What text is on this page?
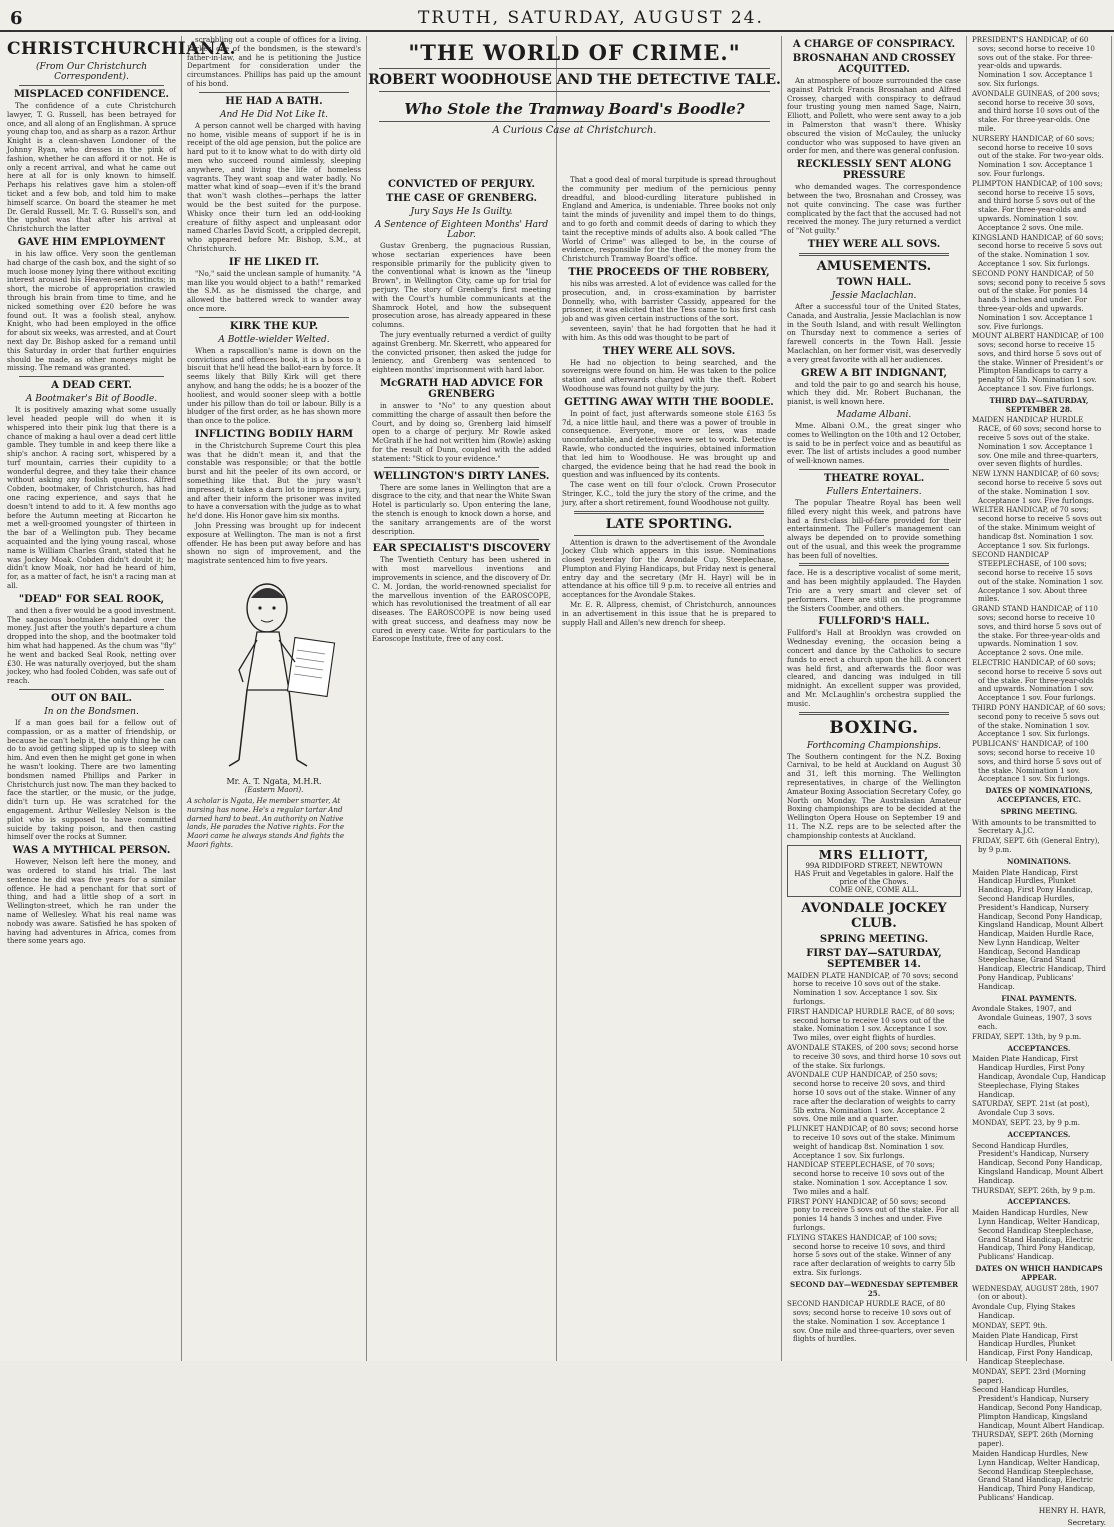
6	TRUTH, SATURDAY, AUGUST 24.
CHRISTCHURCHIANA.
(From Our Christchurch Correspondent).
MISPLACED CONFIDENCE.

The confidence of a cute Christchurch lawyer, T. G. Russell, has been betrayed for once, and all along of an Englishman. A spruce young chap too, and as sharp as a razor. Arthur Knight is a clean-shaven Londoner of the Johnny Ryan, who dresses in the pink of fashion, whether he can afford it or not. He is only a recent arrival, and what he came out here at all for is only known to himself. Perhaps his relatives gave him a stolen-off ticket and a few bob, and told him to make himself scarce. On board the steamer he met Dr. Gerald Russell, Mr. T. G. Russell's son, and the upshot was that after his arrival at Christchurch the latter

GAVE HIM EMPLOYMENT

in his law office. Very soon the gentleman had charge of the cash box, and the sight of so much loose money lying there without exciting interest aroused his Heaven-sent instincts; in short, the microbe of appropriation crawled through his brain from time to time, and he nicked something over £20 before he was found out. It was a foolish steal, anyhow. Knight, who had been employed in the office for about six weeks, was arrested, and at Court next day Dr. Bishop asked for a remand until this Saturday in order that further enquiries should be made, as other moneys might be missing. The remand was granted.

A DEAD CERT.
A Bootmaker's Bit of Boodle.

It is positively amazing what some usually level headed people will do when it is whispered into their pink lug that there is a chance of making a haul over a dead cert little gamble. They tumble in and keep there like a ship's anchor. A racing sort, whispered by a turf mountain, carries their cupidity to a wonderful degree, and they take their chance without asking any foolish questions. Alfred Cobden, bootmaker, of Christchurch, has had one racing experience, and says that he doesn't intend to add to it. A few months ago before the Autumn meeting at Riccarton he met a well-groomed youngster of thirteen in the bar of a Wellington pub. They became acquainted and the lying young rascal, whose name is William Charles Grant, stated that he was Jockey Moak. Cobden didn't doubt it; he didn't know Moak, nor had he heard of him, for, as a matter of fact, he isn't a racing man at all.

"DEAD" FOR SEAL ROOK,

and then a fiver would be a good investment. The sagacious bootmaker handed over the money. Just after the youth's departure a chum dropped into the shop, and the bootmaker told him what had happened. As the chum was "fly" he went and backed Seal Rook, netting over £30. He was naturally overjoyed, but the sham jockey, who had fooled Cobden, was safe out of reach.

OUT ON BAIL.
In on the Bondsmen.

If a man goes bail for a fellow out of compassion, or as a matter of friendship, or because he can't help it, the only thing he can do to avoid getting slipped up is to sleep with him. And even then he might get gone in when he wasn't looking. There are two lamenting bondsmen named Phillips and Parker in Christchurch just now. The man they backed to face the startler, or the music, or the judge, didn't turn up. He was scratched for the engagement. Arthur Wellesley Nelson is the pilot who is supposed to have committed suicide by taking poison, and then casting himself over the rocks at Sumner.

WAS A MYTHICAL PERSON.

However, Nelson left here the money, and was ordered to stand his trial. The last sentence he did was five years for a similar offence. He had a penchant for that sort of thing, and had a little shop of a sort in Wellington-street, which he ran under the name of Wellesley. What his real name was nobody was aware. Satisfied he has spoken of having had adventures in Africa, comes from there some years ago.

scrabbling out a couple of offices for a living. Parker, one of the bondsmen, is the steward's father-in-law, and he is petitioning the Justice Department for consideration under the circumstances. Phillips has paid up the amount of his bond.

HE HAD A BATH.
And He Did Not Like It.

A person cannot well be charged with having no home, visible means of support if he is in receipt of the old age pension, but the police are hard put to it to know what to do with dirty old men who succeed round aimlessly, sleeping anywhere, and living the life of homeless vagrants. They want soap and water badly. No matter what kind of soap—even if it's the brand that won't wash clothes—perhaps the latter would be the best suited for the purpose. Whisky once their turn led an odd-looking creature of filthy aspect and unpleasant odor named Charles David Scott, a crippled decrepit, who appeared before Mr. Bishop, S.M., at Christchurch.

IF HE LIKED IT.

"No," said the unclean sample of humanity. "A man like you would object to a bath!" remarked the S.M. as he dismissed the charge, and allowed the battered wreck to wander away once more.

KIRK THE KUP.
A Bottle-wielder Welted.

When a rapscallion's name is down on the convictions and offences book, it is a boss to a biscuit that he'll head the ballot-earn by force. It seems likely that Billy Kirk will get there anyhow, and hang the odds; he is a boozer of the hooliest, and would sooner sleep with a bottle under his pillow than do toil or labour. Billy is a bludger of the first order, as he has shown more than once to the police.

INFLICTING BODILY HARM

in the Christchurch Supreme Court this plea was that he didn't mean it, and that the constable was responsible; or that the bottle burst and hit the peeler of its own accord, or something like that. But the jury wasn't impressed, it takes a darn lot to impress a jury, and after their inform the prisoner was invited to have a conversation with the judge as to what he'd done. His Honor gave him six months.

John Pressing was brought up for indecent exposure at Wellington. The man is not a first offender. He has been put away before and has shown no sign of improvement, and the magistrate sentenced him to five years.

Mr. A. T. Ngata, M.H.R.
(Eastern Maori).
A scholar is Ngata, He member smarter, At nursing has none. He's a regular tartar And darned hard to beat. An authority on Native lands, He parades the Native rights. For the Maori came he always stands And fights the Maori fights.
CONVICTED OF PERJURY.
THE CASE OF GRENBERG.
Jury Says He Is Guilty.
A Sentence of Eighteen Months' Hard Labor.

Gustav Grenberg, the pugnacious Russian, whose sectarian experiences have been responsible primarily for the publicity given to the conventional what is known as the "lineup Brown", in Wellington City, came up for trial for perjury. The story of Grenberg's first meeting with the Court's humble communicants at the Shamrock Hotel, and how the subsequent prosecution arose, has already appeared in these columns.

The jury eventually returned a verdict of guilty against Grenberg. Mr. Skerrett, who appeared for the convicted prisoner, then asked the judge for leniency, and Grenberg was sentenced to eighteen months' imprisonment with hard labor.

McGRATH HAD ADVICE FOR GRENBERG

in answer to "No" to any question about committing the charge of assault then before the Court, and by doing so, Grenberg laid himself open to a charge of perjury. Mr Rowle asked McGrath if he had not written him (Rowle) asking for the result of Dunn, coupled with the added statement: "Stick to your evidence."

WELLINGTON'S DIRTY LANES.

There are some lanes in Wellington that are a disgrace to the city, and that near the White Swan Hotel is particularly so. Upon entering the lane, the stench is enough to knock down a horse, and the sanitary arrangements are of the worst description.

EAR SPECIALIST'S DISCOVERY

The Twentieth Century has been ushered in with most marvellous inventions and improvements in science, and the discovery of Dr. C. M. Jordan, the world-renowned specialist for the marvellous invention of the EAROSCOPE, which has revolutionised the treatment of all ear diseases. The EAROSCOPE is now being used with great success, and deafness may now be cured in every case. Write for particulars to the Earoscope Institute, free of any cost.

That a good deal of moral turpitude is spread throughout the community per medium of the pernicious penny dreadful, and blood-curdling literature published in England and America, is undeniable. Three books not only taint the minds of juvenility and impel them to do things, and to go forth and commit deeds of daring to which they taint the receptive minds of adults also. A book called "The World of Crime" was alleged to be, in the course of evidence, responsible for the theft of the money from the Christchurch Tramway Board's office.

THE PROCEEDS OF THE ROBBERY,

his nibs was arrested. A lot of evidence was called for the prosecution, and, in cross-examination by barrister Donnelly, who, with barrister Cassidy, appeared for the prisoner, it was elicited that the Tess came to his first cash job and was given certain instructions of the sort.

seventeen, sayin' that he had forgotten that he had it with him. As this odd was thought to be part of

THEY WERE ALL SOVS.

He had no objection to being searched, and the sovereigns were found on him. He was taken to the police station and afterwards charged with the theft. Robert Woodhouse was found not guilty by the jury.

GETTING AWAY WITH THE BOODLE.

In point of fact, just afterwards someone stole £163 5s 7d, a nice little haul, and there was a power of trouble in consequence. Everyone, more or less, was made uncomfortable, and detectives were set to work. Detective Rawle, who conducted the inquiries, obtained information that led him to Woodhouse. He was brought up and charged, the evidence being that he had read the book in question and was influenced by its contents.

The case went on till four o'clock. Crown Prosecutor Stringer, K.C., told the jury the story of the crime, and the jury, after a short retirement, found Woodhouse not guilty.

LATE SPORTING.

Attention is drawn to the advertisement of the Avondale Jockey Club which appears in this issue. Nominations closed yesterday for the Avondale Cup, Steeplechase, Plumpton and Flying Handicaps, but Friday next is general entry day and the secretary (Mr H. Hayr) will be in attendance at his office till 9 p.m. to receive all entries and acceptances for the Avondale Stakes.

Mr. E. R. Allpress, chemist, of Christchurch, announces in an advertisement in this issue that he is prepared to supply Hall and Allen's new drench for sheep.

"THE WORLD OF CRIME."
ROBERT WOODHOUSE AND THE DETECTIVE TALE.
Who Stole the Tramway Board's Boodle?
A Curious Case at Christchurch.
A CHARGE OF CONSPIRACY.
BROSNAHAN AND CROSSEY ACQUITTED.

An atmosphere of booze surrounded the case against Patrick Francis Brosnahan and Alfred Crossey, charged with conspiracy to defraud four trusting young men named Sage, Nairn, Elliott, and Pollett, who were sent away to a job in Palmerston that wasn't there. Whisky obscured the vision of McCauley, the unlucky conductor who was supposed to have given an order for men, and there was general confusion.

RECKLESSLY SENT ALONG PRESSURE

who demanded wages. The correspondence between the two, Brosnahan and Crossey, was not quite convincing. The case was further complicated by the fact that the accused had not received the money. The jury returned a verdict of "Not guilty."

THEY WERE ALL SOVS.
AMUSEMENTS.
TOWN HALL.
Jessie Maclachlan.

After a successful tour of the United States, Canada, and Australia, Jessie Maclachlan is now in the South Island, and with result Wellington on Thursday next to commence a series of farewell concerts in the Town Hall. Jessie Maclachlan, on her former visit, was deservedly a very great favorite with all her audiences.

GREW A BIT INDIGNANT,

and told the pair to go and search his house, which they did. Mr. Robert Buchanan, the pianist, is well known here.

Madame Albani.

Mme. Albani O.M., the great singer who comes to Wellington on the 10th and 12 October, is said to be in perfect voice and as beautiful as ever. The list of artists includes a good number of well-known names.

THEATRE ROYAL.
Fullers Entertainers.

The popular Theatre Royal has been well filled every night this week, and patrons have had a first-class bill-of-fare provided for their entertainment. The Fuller's management can always be depended on to provide something out of the usual, and this week the programme has been full of novelties.

face. He is a descriptive vocalist of some merit, and has been mightily applauded. The Hayden Trio are a very smart and clever set of performers. There are still on the programme the Sisters Coomber, and others.
FULLFORD'S HALL.
Fullford's Hall at Brooklyn was crowded on Wednesday evening, the occasion being a concert and dance by the Catholics to secure funds to erect a church upon the hill. A concert was held first, and afterwards the floor was cleared, and dancing was indulged in till midnight. An excellent supper was provided, and Mr. McLaughlin's orchestra supplied the music.
BOXING.
Forthcoming Championships.
The Southern contingent for the N.Z. Boxing Carnival, to be held at Auckland on August 30 and 31, left this morning. The Wellington representatives, in charge of the Wellington Amateur Boxing Association Secretary Cofey, go North on Monday. The Australasian Amateur Boxing championships are to be decided at the Wellington Opera House on September 19 and 11. The N.Z. reps are to be selected after the championship contests at Auckland.
MRS ELLIOTT,
99A RIDDIFORD STREET, NEWTOWN
HAS Fruit and Vegetables in galore. Half the price of the Chows.
COME ONE, COME ALL.
AVONDALE JOCKEY CLUB.
SPRING MEETING.
FIRST DAY—SATURDAY, SEPTEMBER 14.
MAIDEN PLATE HANDICAP, of 70 sovs; second horse to receive 10 sovs out of the stake. Nomination 1 sov. Acceptance 1 sov. Six furlongs.
FIRST HANDICAP HURDLE RACE, of 80 sovs; second horse to receive 10 sovs out of the stake. Nomination 1 sov. Acceptance 1 sov. Two miles, over eight flights of hurdles.
AVONDALE STAKES, of 200 sovs; second horse to receive 30 sovs, and third horse 10 sovs out of the stake. Six furlongs.
AVONDALE CUP HANDICAP, of 250 sovs; second horse to receive 20 sovs, and third horse 10 sovs out of the stake. Winner of any race after the declaration of weights to carry 5lb extra. Nomination 1 sov. Acceptance 2 sovs. One mile and a quarter.
PLUNKET HANDICAP, of 80 sovs; second horse to receive 10 sovs out of the stake. Minimum weight of handicap 8st. Nomination 1 sov. Acceptance 1 sov. Six furlongs.
HANDICAP STEEPLECHASE, of 70 sovs; second horse to receive 10 sovs out of the stake. Nomination 1 sov. Acceptance 1 sov. Two miles and a half.
FIRST PONY HANDICAP, of 50 sovs; second pony to receive 5 sovs out of the stake. For all ponies 14 hands 3 inches and under. Five furlongs.
FLYING STAKES HANDICAP, of 100 sovs; second horse to receive 10 sovs, and third horse 5 sovs out of the stake. Winner of any race after declaration of weights to carry 5lb extra. Six furlongs.
SECOND DAY—WEDNESDAY SEPTEMBER 25.
SECOND HANDICAP HURDLE RACE, of 80 sovs; second horse to receive 10 sovs out of the stake. Nomination 1 sov. Acceptance 1 sov. One mile and three-quarters, over seven flights of hurdles.
PRESIDENT'S HANDICAP, of 60 sovs; second horse to receive 10 sovs out of the stake. For three-year-olds and upwards. Nomination 1 sov. Acceptance 1 sov. Six furlongs.
AVONDALE GUINEAS, of 200 sovs; second horse to receive 30 sovs, and third horse 10 sovs out of the stake. For three-year-olds. One mile.
NURSERY HANDICAP, of 60 sovs; second horse to receive 10 sovs out of the stake. For two-year olds. Nomination 1 sov. Acceptance 1 sov. Four furlongs.
PLIMPTON HANDICAP, of 100 sovs; second horse to receive 15 sovs, and third horse 5 sovs out of the stake. For three-year-olds and upwards. Nomination 1 sov. Acceptance 2 sovs. One mile.
KINGSLAND HANDICAP, of 60 sovs; second horse to receive 5 sovs out of the stake. Nomination 1 sov. Acceptance 1 sov. Six furlongs.
SECOND PONY HANDICAP, of 50 sovs; second pony to receive 5 sovs out of the stake. For ponies 14 hands 3 inches and under. For three-year-olds and upwards. Nomination 1 sov. Acceptance 1 sov. Five furlongs.
MOUNT ALBERT HANDICAP, of 100 sovs; second horse to receive 15 sovs, and third horse 5 sovs out of the stake. Winner of President's or Plimpton Handicaps to carry a penalty of 5lb. Nomination 1 sov. Acceptance 1 sov. Five furlongs.
THIRD DAY—SATURDAY, SEPTEMBER 28.
MAIDEN HANDICAP HURDLE RACE, of 60 sovs; second horse to receive 5 sovs out of the stake. Nomination 1 sov. Acceptance 1 sov. One mile and three-quarters, over seven flights of hurdles.
NEW LYNN HANDICAP, of 60 sovs; second horse to receive 5 sovs out of the stake. Nomination 1 sov. Acceptance 1 sov. Five furlongs.
WELTER HANDICAP, of 70 sovs; second horse to receive 5 sovs out of the stake. Minimum weight of handicap 8st. Nomination 1 sov. Acceptance 1 sov. Six furlongs.
SECOND HANDICAP STEEPLECHASE, of 100 sovs; second horse to receive 15 sovs out of the stake. Nomination 1 sov. Acceptance 1 sov. About three miles.
GRAND STAND HANDICAP, of 110 sovs; second horse to receive 10 sovs, and third horse 5 sovs out of the stake. For three-year-olds and upwards. Nomination 1 sov. Acceptance 2 sovs. One mile.
ELECTRIC HANDICAP, of 60 sovs; second horse to receive 5 sovs out of the stake. For three-year-olds and upwards. Nomination 1 sov. Acceptance 1 sov. Four furlongs.
THIRD PONY HANDICAP, of 60 sovs; second pony to receive 5 sovs out of the stake. Nomination 1 sov. Acceptance 1 sov. Six furlongs.
PUBLICANS' HANDICAP, of 100 sovs; second horse to receive 10 sovs, and third horse 5 sovs out of the stake. Nomination 1 sov. Acceptance 1 sov. Six furlongs.
DATES OF NOMINATIONS, ACCEPTANCES, ETC.
SPRING MEETING.
With amounts to be transmitted to Secretary A.J.C.
FRIDAY, SEPT. 6th (General Entry), by 9 p.m.
NOMINATIONS.
Maiden Plate Handicap, First Handicap Hurdles, Plunket Handicap, First Pony Handicap, Second Handicap Hurdles, President's Handicap, Nursery Handicap, Second Pony Handicap, Kingsland Handicap, Mount Albert Handicap, Maiden Hurdle Race, New Lynn Handicap, Welter Handicap, Second Handicap Steeplechase, Grand Stand Handicap, Electric Handicap, Third Pony Handicap, Publicans' Handicap.
FINAL PAYMENTS.
Avondale Stakes, 1907, and Avondale Guineas, 1907, 3 sovs each.
FRIDAY, SEPT. 13th, by 9 p.m.
ACCEPTANCES.
Maiden Plate Handicap, First Handicap Hurdles, First Pony Handicap, Avondale Cup, Handicap Steeplechase, Flying Stakes Handicap.
SATURDAY, SEPT. 21st (at post), Avondale Cup 3 sovs.
MONDAY, SEPT. 23, by 9 p.m.
ACCEPTANCES.
Second Handicap Hurdles, President's Handicap, Nursery Handicap, Second Pony Handicap, Kingsland Handicap, Mount Albert Handicap.
THURSDAY, SEPT. 26th, by 9 p.m.
ACCEPTANCES.
Maiden Handicap Hurdles, New Lynn Handicap, Welter Handicap, Second Handicap Steeplechase, Grand Stand Handicap, Electric Handicap, Third Pony Handicap, Publicans' Handicap.
DATES ON WHICH HANDICAPS APPEAR.
WEDNESDAY, AUGUST 28th, 1907 (on or about).
Avondale Cup, Flying Stakes Handicap.
MONDAY, SEPT. 9th.
Maiden Plate Handicap, First Handicap Hurdles, Plunket Handicap, First Pony Handicap, Handicap Steeplechase.
MONDAY, SEPT. 23rd (Morning paper).
Second Handicap Hurdles, President's Handicap, Nursery Handicap, Second Pony Handicap, Plimpton Handicap, Kingsland Handicap, Mount Albert Handicap.
THURSDAY, SEPT. 26th (Morning paper).
Maiden Handicap Hurdles, New Lynn Handicap, Welter Handicap, Second Handicap Steeplechase, Grand Stand Handicap, Electric Handicap, Third Pony Handicap, Publicans' Handicap.
HENRY H. HAYR,
Secretary.
